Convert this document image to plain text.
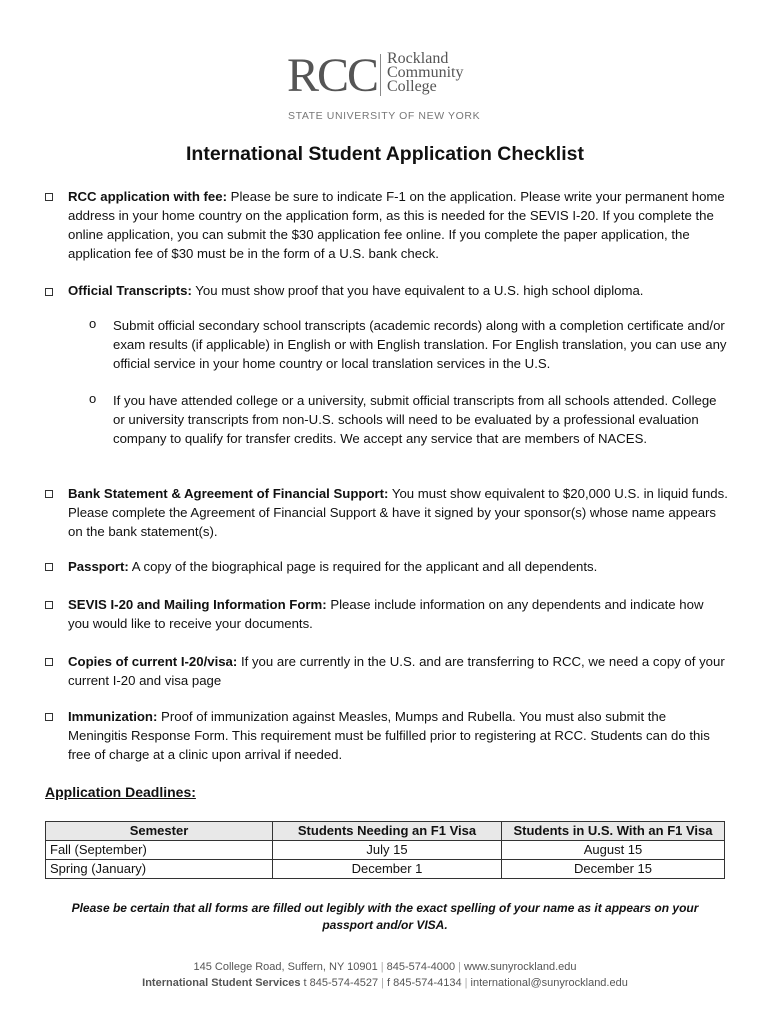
RCC Rockland
Community
College
STATE UNIVERSITY OF NEW YORK
International Student Application Checklist
RCC application with fee: Please be sure to indicate F-1 on the application. Please write your permanent home address in your home country on the application form, as this is needed for the SEVIS I-20. If you complete the online application, you can submit the $30 application fee online. If you complete the paper application, the application fee of $30 must be in the form of a U.S. bank check.
Official Transcripts: You must show proof that you have equivalent to a U.S. high school diploma.
o Submit official secondary school transcripts (academic records) along with a completion certificate and/or exam results (if applicable) in English or with English translation. For English translation, you can use any official service in your home country or local translation services in the U.S.
o If you have attended college or a university, submit official transcripts from all schools attended. College or university transcripts from non-U.S. schools will need to be evaluated by a professional evaluation company to qualify for transfer credits. We accept any service that are members of NACES.
Bank Statement & Agreement of Financial Support: You must show equivalent to $20,000 U.S. in liquid funds. Please complete the Agreement of Financial Support & have it signed by your sponsor(s) whose name appears on the bank statement(s).
Passport: A copy of the biographical page is required for the applicant and all dependents.
SEVIS I-20 and Mailing Information Form: Please include information on any dependents and indicate how you would like to receive your documents.
Copies of current I-20/visa: If you are currently in the U.S. and are transferring to RCC, we need a copy of your current I-20 and visa page
Immunization: Proof of immunization against Measles, Mumps and Rubella. You must also submit the Meningitis Response Form. This requirement must be fulfilled prior to registering at RCC. Students can do this free of charge at a clinic upon arrival if needed.
Application Deadlines:
Semester	Students Needing an F1 Visa	Students in U.S. With an F1 Visa
Fall (September)	July 15	August 15
Spring (January)	December 1	December 15
Please be certain that all forms are filled out legibly with the exact spelling of your name as it appears on your passport and/or VISA.
145 College Road, Suffern, NY 10901 | 845-574-4000 | www.sunyrockland.edu
International Student Services t 845-574-4527 | f 845-574-4134 | international@sunyrockland.edu
